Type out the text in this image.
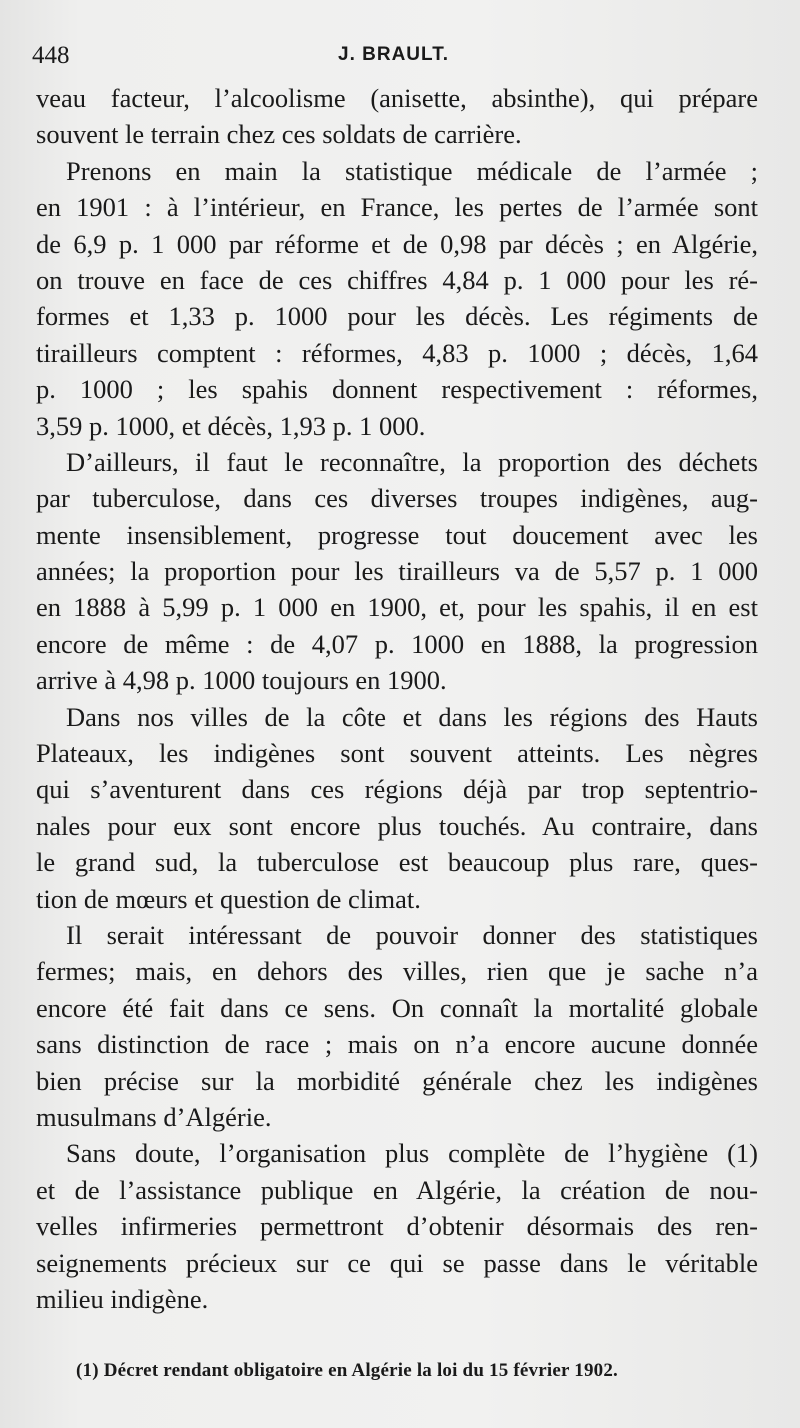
448	J. BRAULT.
veau facteur, l’alcoolisme (anisette, absinthe), qui prépare
souvent le terrain chez ces soldats de carrière.
Prenons en main la statistique médicale de l’armée ;
en 1901 : à l’intérieur, en France, les pertes de l’armée sont
de 6,9 p. 1 000 par réforme et de 0,98 par décès ; en Algérie,
on trouve en face de ces chiffres 4,84 p. 1 000 pour les ré-
formes et 1,33 p. 1000 pour les décès. Les régiments de
tirailleurs comptent : réformes, 4,83 p. 1000 ; décès, 1,64
p. 1000 ; les spahis donnent respectivement : réformes,
3,59 p. 1000, et décès, 1,93 p. 1 000.
D’ailleurs, il faut le reconnaître, la proportion des déchets
par tuberculose, dans ces diverses troupes indigènes, aug-
mente insensiblement, progresse tout doucement avec les
années; la proportion pour les tirailleurs va de 5,57 p. 1 000
en 1888 à 5,99 p. 1 000 en 1900, et, pour les spahis, il en est
encore de même : de 4,07 p. 1000 en 1888, la progression
arrive à 4,98 p. 1000 toujours en 1900.
Dans nos villes de la côte et dans les régions des Hauts
Plateaux, les indigènes sont souvent atteints. Les nègres
qui s’aventurent dans ces régions déjà par trop septentrio-
nales pour eux sont encore plus touchés. Au contraire, dans
le grand sud, la tuberculose est beaucoup plus rare, ques-
tion de mœurs et question de climat.
Il serait intéressant de pouvoir donner des statistiques
fermes; mais, en dehors des villes, rien que je sache n’a
encore été fait dans ce sens. On connaît la mortalité globale
sans distinction de race ; mais on n’a encore aucune donnée
bien précise sur la morbidité générale chez les indigènes
musulmans d’Algérie.
Sans doute, l’organisation plus complète de l’hygiène (1)
et de l’assistance publique en Algérie, la création de nou-
velles infirmeries permettront d’obtenir désormais des ren-
seignements précieux sur ce qui se passe dans le véritable
milieu indigène.
(1) Décret rendant obligatoire en Algérie la loi du 15 février 1902.
